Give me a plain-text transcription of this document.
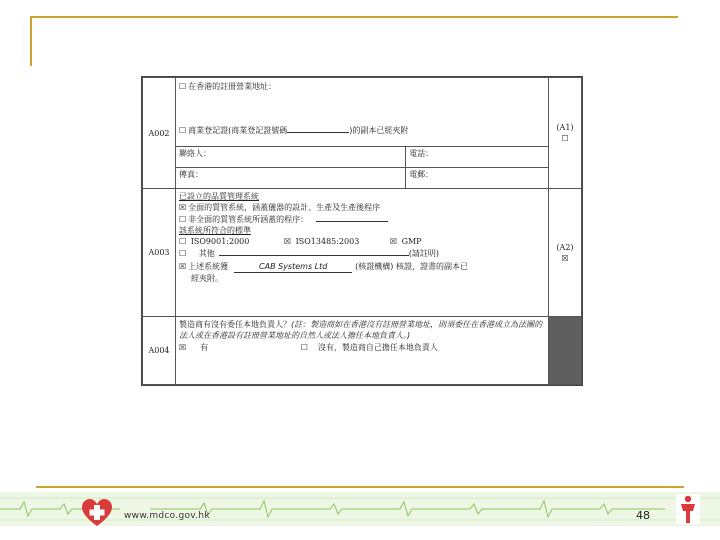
A002	
☐ 在香港的註冊營業地址：

☐ 商業登記證(商業登記證號碼	)的副本已經夾附

聯絡人：	電話：
傳真：	電郵：

(A1)
☐

A003	
已設立的品質管理系統
☒ 全面的質管系統，涵蓋儀器的設計、生產及生產後程序
☐ 非全面的質管系統所涵蓋的程序：
該系統所符合的標準
☐ ISO9001:2000	☒ ISO13485:2003	☒ GMP
☐ 其他	(請註明)
☒ 上述系統獲	CAB Systems Ltd	(核證機構) 核證，證書的副本已
經夾附。

(A2)
☒

A004	
製造商有沒有委任本地負責人？(註：製造商如在香港沒有註冊營業地址，則須委任在香港成立為法團的法人或在香港設有註冊營業地址的自然人或法人擔任本地負責人。)
☒ 有	☐ 沒有，製造商自己擔任本地負責人

www.mdco.gov.hk	48
